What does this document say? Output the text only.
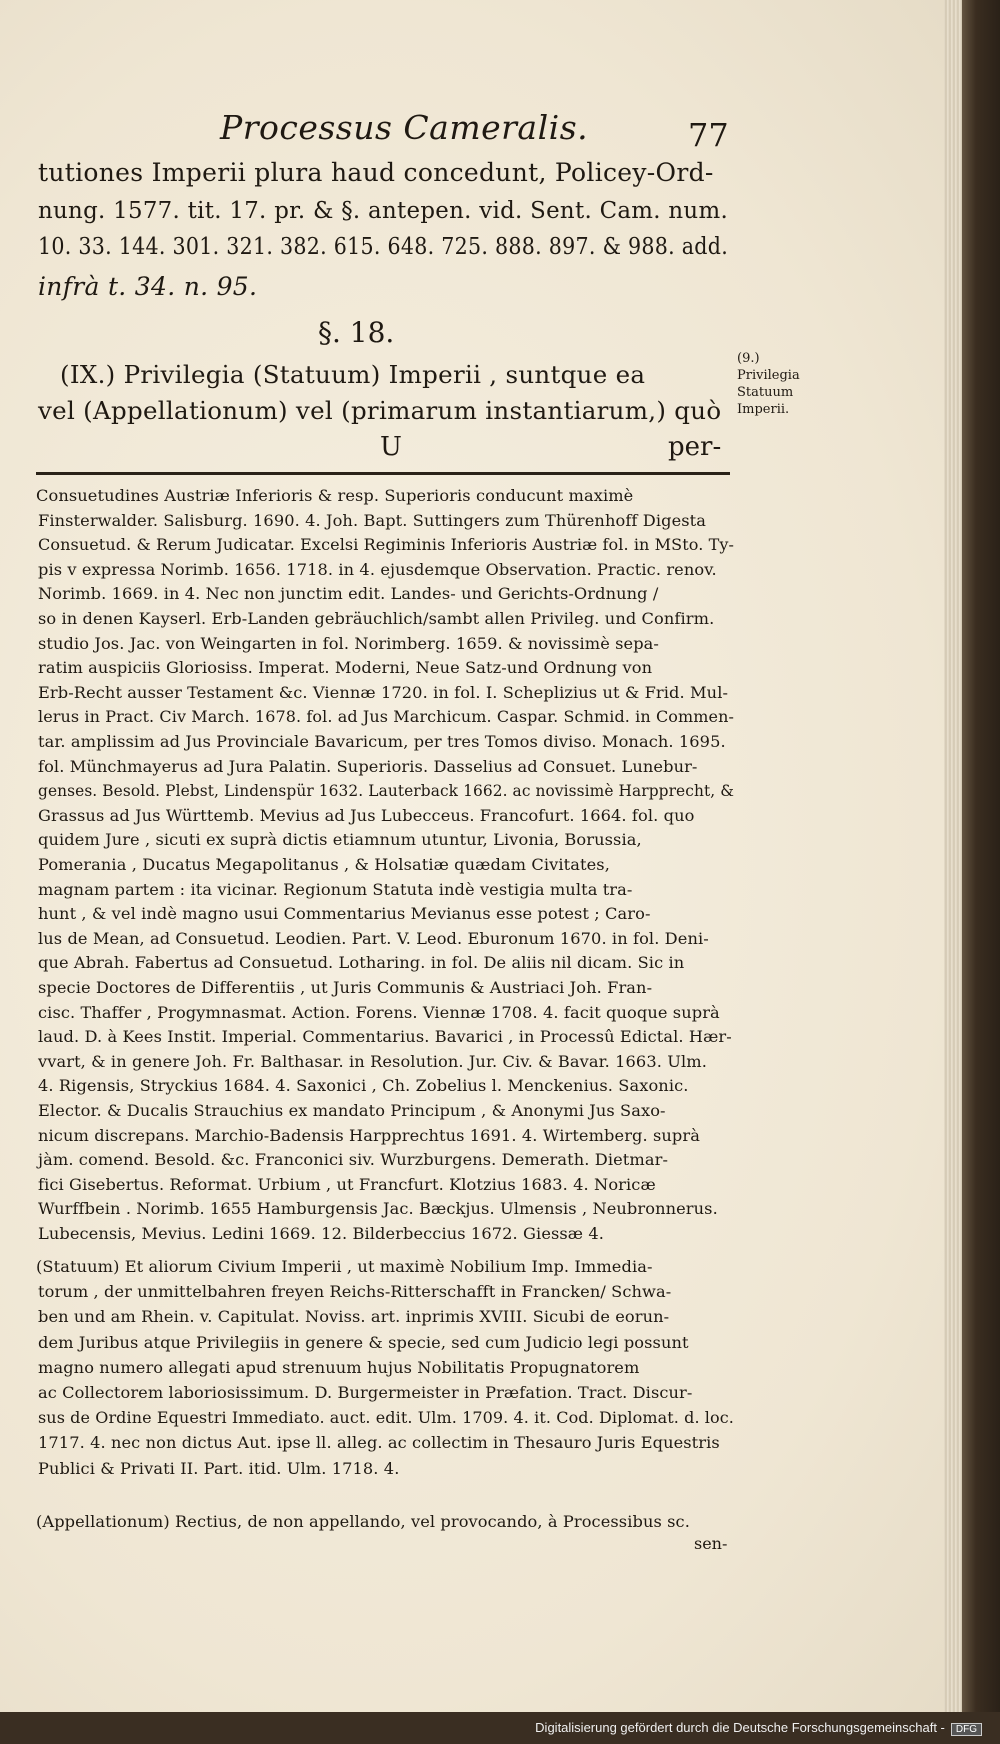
Processus Cameralis.	77
tutiones Imperii plura haud concedunt, Policey-Ord-
nung. 1577. tit. 17. pr. & §. antepen. vid. Sent. Cam. num.
10. 33. 144. 301. 321. 382. 615. 648. 725. 888. 897. & 988. add.
infrà t. 34. n. 95.
§. 18.
(IX.) Privilegia (Statuum) Imperii , suntque ea
vel (Appellationum) vel (primarum instantiarum,) quò
(9.) Privilegia Statuum Imperii.
U	per-
Consuetudines Austriæ Inferioris & resp. Superioris conducunt maximè
Finsterwalder. Salisburg. 1690. 4. Joh. Bapt. Suttingers zum Thürenhoff Digesta
Consuetud. & Rerum Judicatar. Excelsi Regiminis Inferioris Austriæ fol. in MSto. Ty-
pis v expressa Norimb. 1656. 1718. in 4. ejusdemque Observation. Practic. renov.
Norimb. 1669. in 4. Nec non junctim edit. Landes- und Gerichts-Ordnung /
so in denen Kayserl. Erb-Landen gebräuchlich/sambt allen Privileg. und Confirm.
studio Jos. Jac. von Weingarten in fol. Norimberg. 1659. & novissimè sepa-
ratim auspiciis Gloriosiss. Imperat. Moderni, Neue Satz-und Ordnung von
Erb-Recht ausser Testament &c. Viennæ 1720. in fol. I. Scheplizius ut & Frid. Mul-
lerus in Pract. Civ March. 1678. fol. ad Jus Marchicum. Caspar. Schmid. in Commen-
tar. amplissim ad Jus Provinciale Bavaricum, per tres Tomos diviso. Monach. 1695.
fol. Münchmayerus ad Jura Palatin. Superioris. Dasselius ad Consuet. Lunebur-
genses. Besold. Plebst, Lindenspür 1632. Lauterback 1662. ac novissimè Harpprecht, &
Grassus ad Jus Württemb. Mevius ad Jus Lubecceus. Francofurt. 1664. fol. quo
quidem Jure , sicuti ex suprà dictis etiamnum utuntur, Livonia, Borussia,
Pomerania , Ducatus Megapolitanus , & Holsatiæ quædam Civitates,
magnam partem : ita vicinar. Regionum Statuta indè vestigia multa tra-
hunt , & vel indè magno usui Commentarius Mevianus esse potest ; Caro-
lus de Mean, ad Consuetud. Leodien. Part. V. Leod. Eburonum 1670. in fol. Deni-
que Abrah. Fabertus ad Consuetud. Lotharing. in fol. De aliis nil dicam. Sic in
specie Doctores de Differentiis , ut Juris Communis & Austriaci Joh. Fran-
cisc. Thaffer , Progymnasmat. Action. Forens. Viennæ 1708. 4. facit quoque suprà
laud. D. à Kees Instit. Imperial. Commentarius. Bavarici , in Processû Edictal. Hær-
vvart, & in genere Joh. Fr. Balthasar. in Resolution. Jur. Civ. & Bavar. 1663. Ulm.
4. Rigensis, Stryckius 1684. 4. Saxonici , Ch. Zobelius l. Menckenius. Saxonic.
Elector. & Ducalis Strauchius ex mandato Principum , & Anonymi Jus Saxo-
nicum discrepans. Marchio-Badensis Harpprechtus 1691. 4. Wirtemberg. suprà
jàm. comend. Besold. &c. Franconici siv. Wurzburgens. Demerath. Dietmar-
fici Gisebertus. Reformat. Urbium , ut Francfurt. Klotzius 1683. 4. Noricæ
Wurffbein . Norimb. 1655 Hamburgensis Jac. Bæckjus. Ulmensis , Neubronnerus.
Lubecensis, Mevius. Ledini 1669. 12. Bilderbeccius 1672. Giessæ 4.
(Statuum) Et aliorum Civium Imperii , ut maximè Nobilium Imp. Immedia-
torum , der unmittelbahren freyen Reichs-Ritterschafft in Francken/ Schwa-
ben und am Rhein. v. Capitulat. Noviss. art. inprimis XVIII. Sicubi de eorun-
dem Juribus atque Privilegiis in genere & specie, sed cum Judicio legi possunt
magno numero allegati apud strenuum hujus Nobilitatis Propugnatorem
ac Collectorem laboriosissimum. D. Burgermeister in Præfation. Tract. Discur-
sus de Ordine Equestri Immediato. auct. edit. Ulm. 1709. 4. it. Cod. Diplomat. d. loc.
1717. 4. nec non dictus Aut. ipse ll. alleg. ac collectim in Thesauro Juris Equestris
Publici & Privati II. Part. itid. Ulm. 1718. 4.
(Appellationum) Rectius, de non appellando, vel provocando, à Processibus sc.
sen-
Digitalisierung gefördert durch die Deutsche Forschungsgemeinschaft - DFG
